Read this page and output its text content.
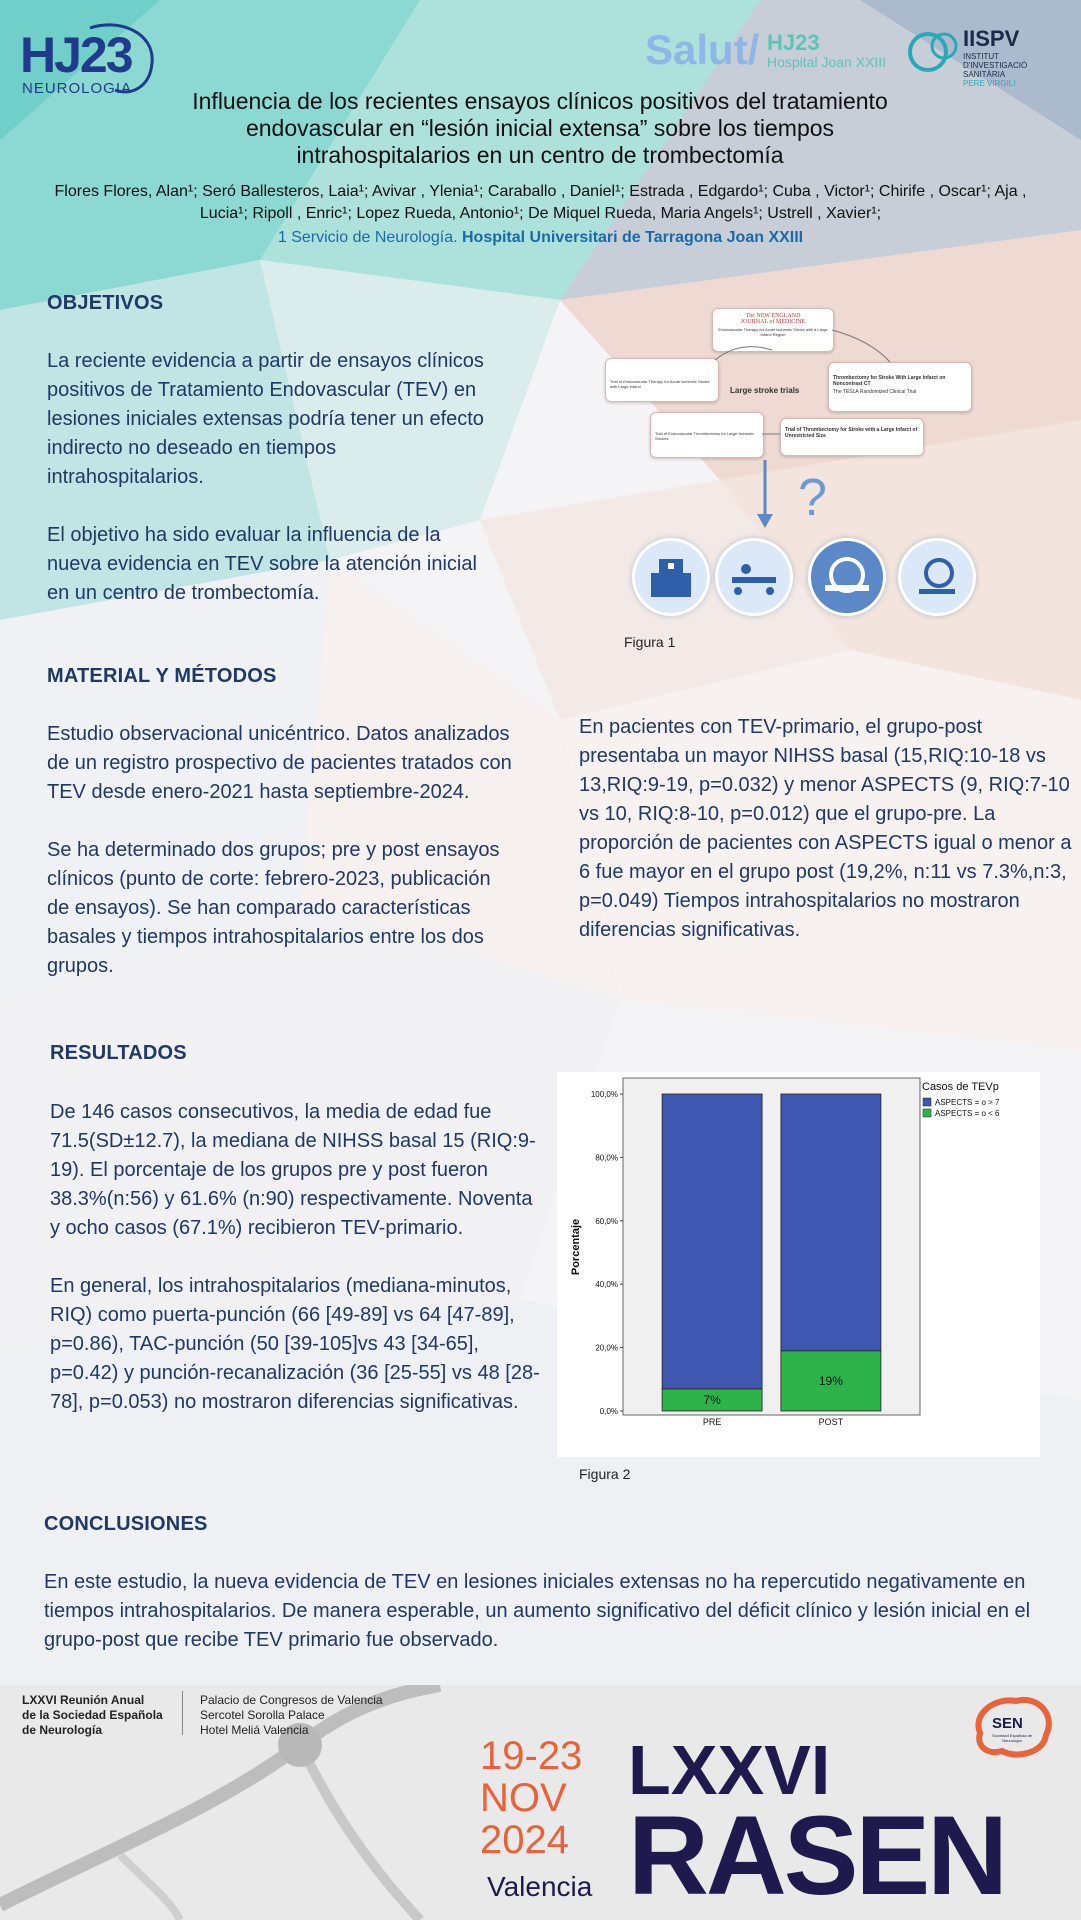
HJ23
NEUROLOGIA
Salut/ HJ23
Hospital Joan XXIII
IISPV
INSTITUT
D'INVESTIGACIÓ
SANITÀRIA
PERE VIRGILI
Influencia de los recientes ensayos clínicos positivos del tratamiento
endovascular en “lesión inicial extensa” sobre los tiempos
intrahospitalarios en un centro de trombectomía
Flores Flores, Alan¹; Seró Ballesteros, Laia¹; Avivar , Ylenia¹; Caraballo , Daniel¹; Estrada , Edgardo¹; Cuba , Victor¹; Chirife , Oscar¹; Aja ,
Lucia¹; Ripoll , Enric¹; Lopez Rueda, Antonio¹; De Miquel Rueda, Maria Angels¹; Ustrell , Xavier¹;
1 Servicio de Neurología. Hospital Universitari de Tarragona Joan XXIII
OBJETIVOS

La reciente evidencia a partir de ensayos clínicos positivos de Tratamiento Endovascular (TEV) en lesiones iniciales extensas podría tener un efecto indirecto no deseado en tiempos intrahospitalarios.

El objetivo ha sido evaluar la influencia de la nueva evidencia en TEV sobre la atención inicial en un centro de trombectomía.

The NEW ENGLAND
JOURNAL of MEDICINE
Endovascular Therapy for Acute Ischemic Stroke with a Large Infarct Region
Trial of Endovascular Therapy for Acute Ischemic Stroke with Large Infarct
Thrombectomy for Stroke With Large Infarct on Noncontrast CT
The TESLA Randomized Clinical Trial
Large stroke trials
Trial of Endovascular Thrombectomy for Large Ischemic Strokes
Trial of Thrombectomy for Stroke with a Large Infarct of Unrestricted Size
?
Figura 1
MATERIAL Y MÉTODOS

Estudio observacional unicéntrico. Datos analizados de un registro prospectivo de pacientes tratados con TEV desde enero-2021 hasta septiembre-2024.

Se ha determinado dos grupos; pre y post ensayos clínicos (punto de corte: febrero-2023, publicación de ensayos). Se han comparado características basales y tiempos intrahospitalarios entre los dos grupos.

En pacientes con TEV-primario, el grupo-post presentaba un mayor NIHSS basal (15,RIQ:10-18 vs 13,RIQ:9-19, p=0.032) y menor ASPECTS (9, RIQ:7-10 vs 10, RIQ:8-10, p=0.012) que el grupo-pre. La proporción de pacientes con ASPECTS igual o menor a 6 fue mayor en el grupo post (19,2%, n:11 vs 7.3%,n:3, p=0.049) Tiempos intrahospitalarios no mostraron diferencias significativas.

RESULTADOS

De 146 casos consecutivos, la media de edad fue 71.5(SD±12.7), la mediana de NIHSS basal 15 (RIQ:9-19). El porcentaje de los grupos pre y post fueron 38.3%(n:56) y 61.6% (n:90) respectivamente. Noventa y ocho casos (67.1%) recibieron TEV-primario.

En general, los intrahospitalarios (mediana-minutos, RIQ) como puerta-punción (66 [49-89] vs 64 [47-89], p=0.86), TAC-punción (50 [39-105]vs 43 [34-65], p=0.42) y punción-recanalización (36 [25-55] vs 48 [28-78], p=0.053) no mostraron diferencias significativas.	0,0%
20,0%
40,0%
60,0%
80,0%
100,0%
7%
19%
PRE	POST
Porcentaje
Casos de TEVp
ASPECTS = o > 7
ASPECTS = o < 6
Figura 2
CONCLUSIONES

En este estudio, la nueva evidencia de TEV en lesiones iniciales extensas no ha repercutido negativamente en tiempos intrahospitalarios. De manera esperable, un aumento significativo del déficit clínico y lesión inicial en el grupo-post que recibe TEV primario fue observado.

LXXVI Reunión Anual
de la Sociedad Española
de Neurología
Palacio de Congresos de Valencia
Sercotel Sorolla Palace
Hotel Meliá Valencia
19-23
NOV
2024
Valencia
LXXVI
RASEN
SEN
Sociedad Española de Neurología
